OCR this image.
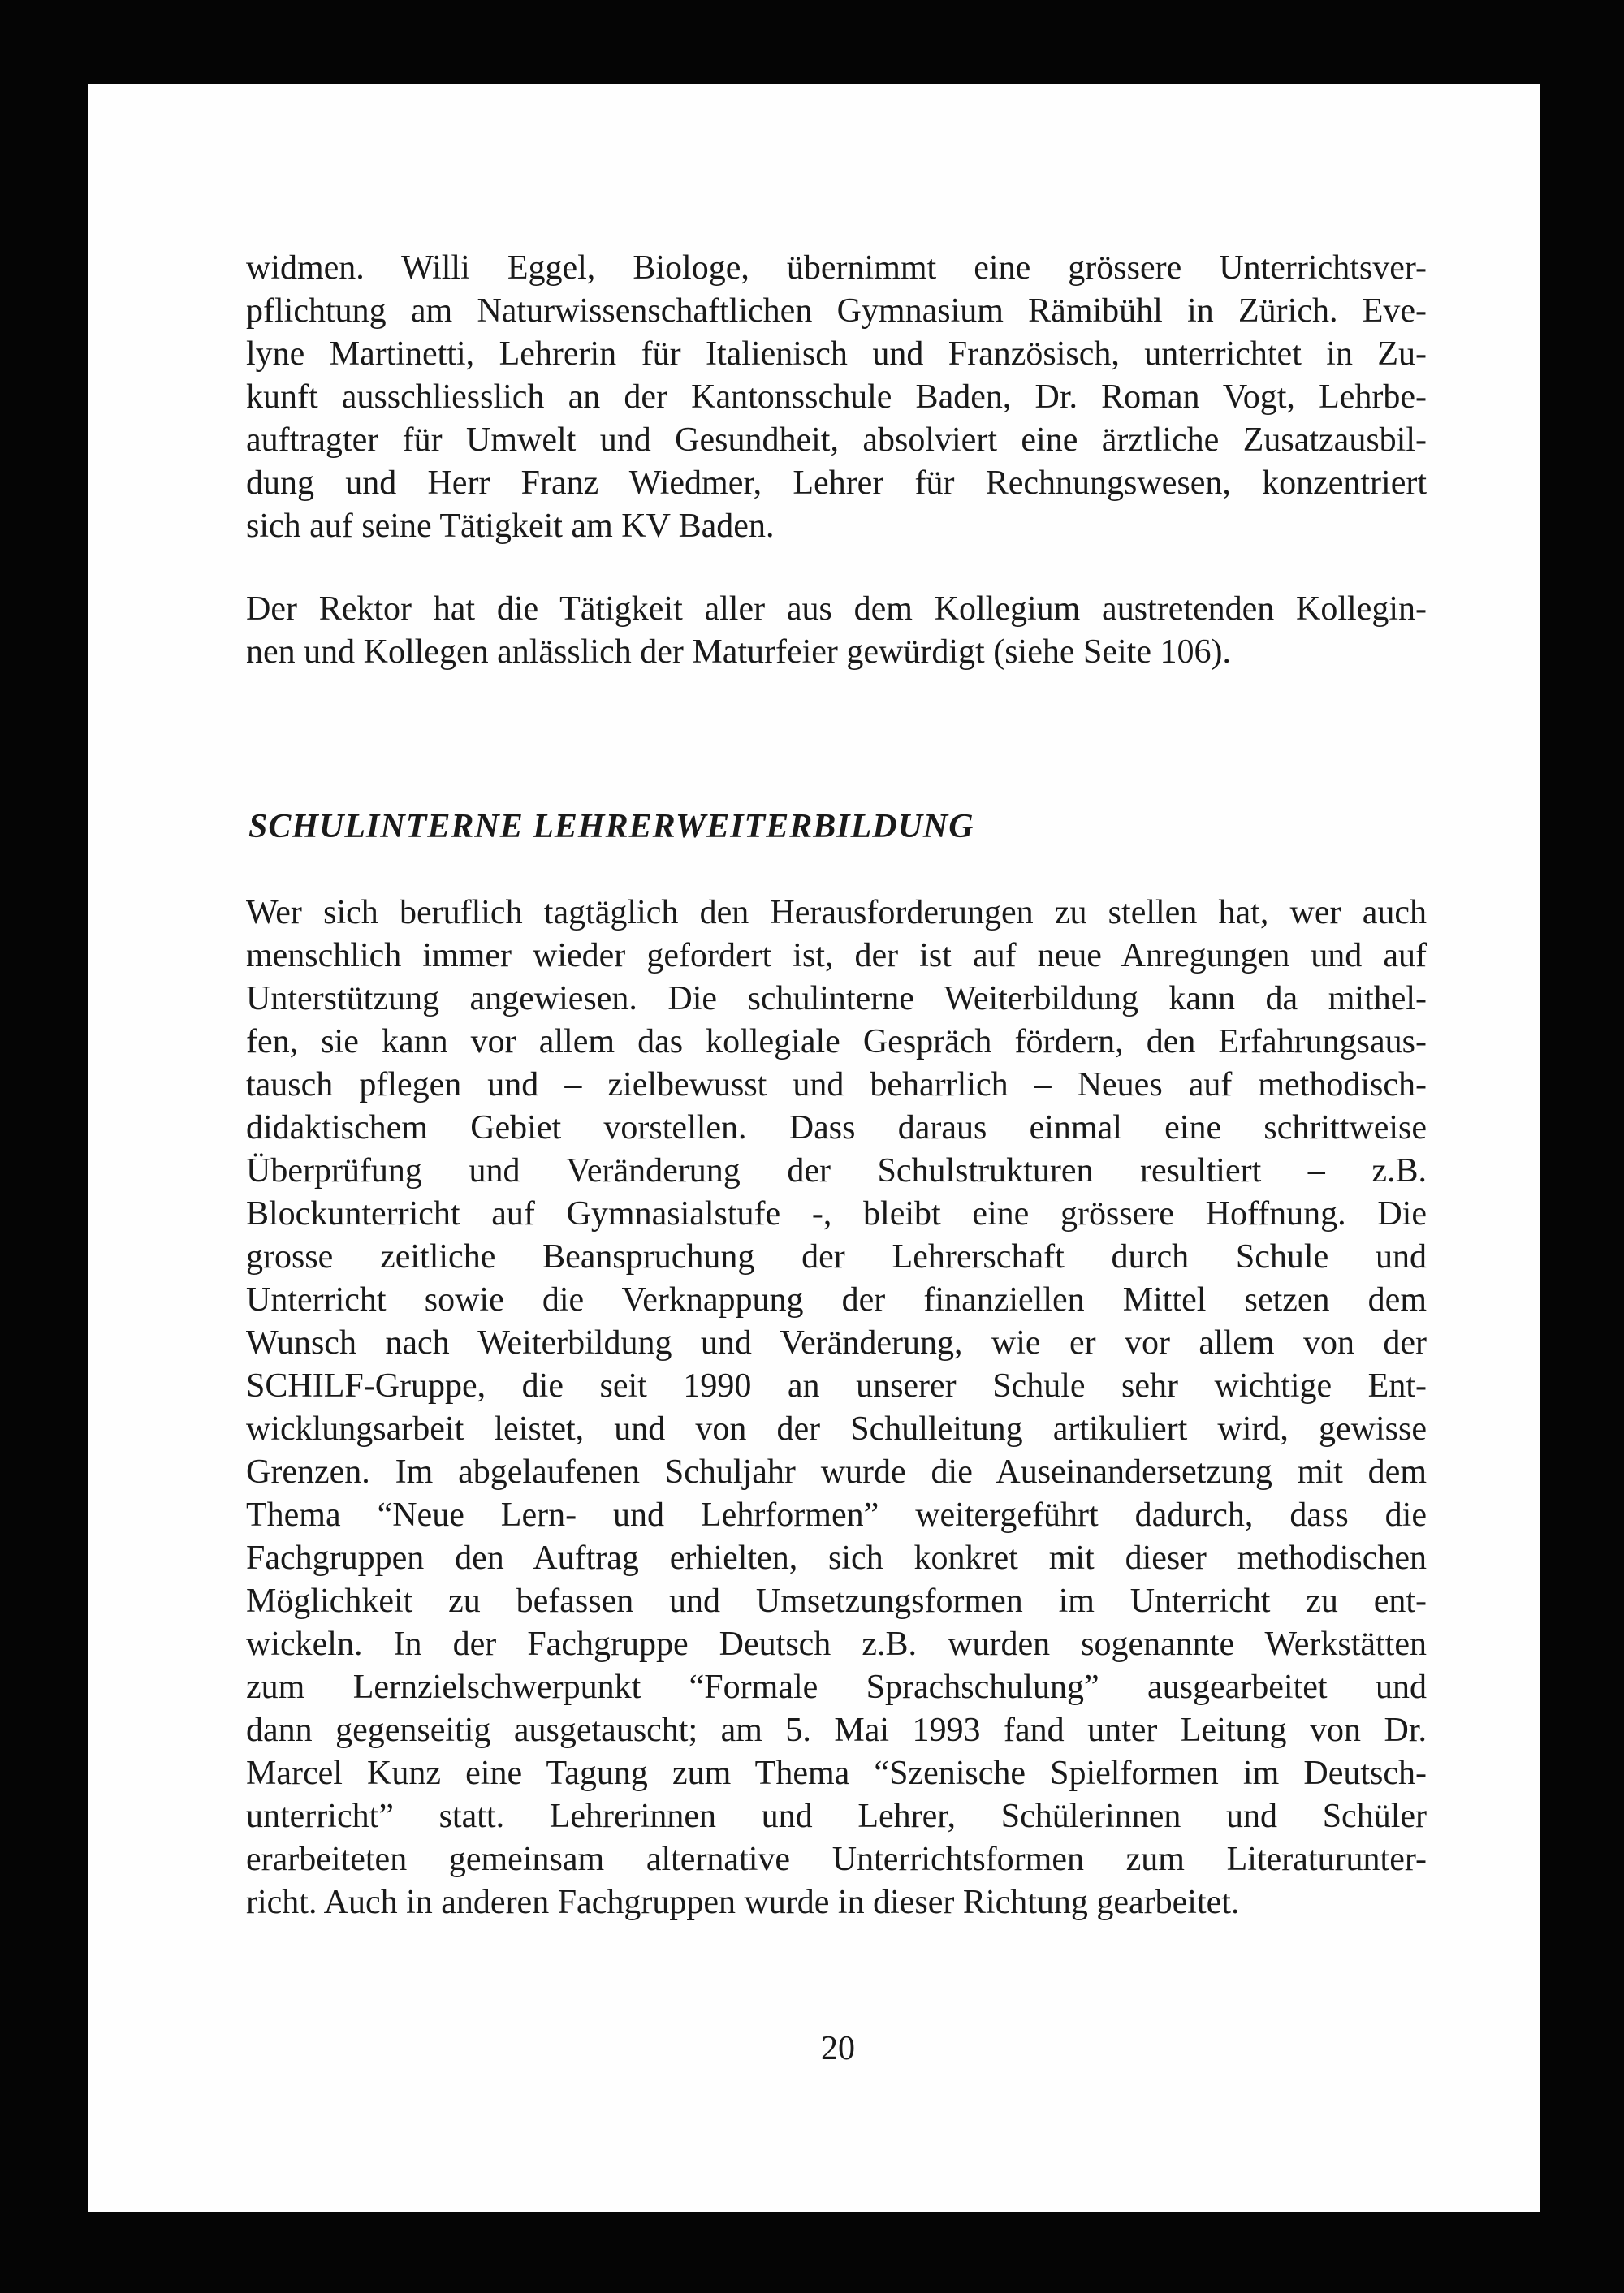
widmen. Willi Eggel, Biologe, übernimmt eine grössere Unterrichtsver-
pflichtung am Naturwissenschaftlichen Gymnasium Rämibühl in Zürich. Eve-
lyne Martinetti, Lehrerin für Italienisch und Französisch, unterrichtet in Zu-
kunft ausschliesslich an der Kantonsschule Baden, Dr. Roman Vogt, Lehrbe-
auftragter für Umwelt und Gesundheit, absolviert eine ärztliche Zusatzausbil-
dung und Herr Franz Wiedmer, Lehrer für Rechnungswesen, konzentriert
sich auf seine Tätigkeit am KV Baden.
Der Rektor hat die Tätigkeit aller aus dem Kollegium austretenden Kollegin-
nen und Kollegen anlässlich der Maturfeier gewürdigt (siehe Seite 106).
SCHULINTERNE LEHRERWEITERBILDUNG
Wer sich beruflich tagtäglich den Herausforderungen zu stellen hat, wer auch
menschlich immer wieder gefordert ist, der ist auf neue Anregungen und auf
Unterstützung angewiesen. Die schulinterne Weiterbildung kann da mithel-
fen, sie kann vor allem das kollegiale Gespräch fördern, den Erfahrungsaus-
tausch pflegen und – zielbewusst und beharrlich – Neues auf methodisch-
didaktischem Gebiet vorstellen. Dass daraus einmal eine schrittweise
Überprüfung und Veränderung der Schulstrukturen resultiert – z.B.
Blockunterricht auf Gymnasialstufe -, bleibt eine grössere Hoffnung. Die
grosse zeitliche Beanspruchung der Lehrerschaft durch Schule und
Unterricht sowie die Verknappung der finanziellen Mittel setzen dem
Wunsch nach Weiterbildung und Veränderung, wie er vor allem von der
SCHILF-Gruppe, die seit 1990 an unserer Schule sehr wichtige Ent-
wicklungsarbeit leistet, und von der Schulleitung artikuliert wird, gewisse
Grenzen. Im abgelaufenen Schuljahr wurde die Auseinandersetzung mit dem
Thema “Neue Lern- und Lehrformen” weitergeführt dadurch, dass die
Fachgruppen den Auftrag erhielten, sich konkret mit dieser methodischen
Möglichkeit zu befassen und Umsetzungsformen im Unterricht zu ent-
wickeln. In der Fachgruppe Deutsch z.B. wurden sogenannte Werkstätten
zum Lernzielschwerpunkt “Formale Sprachschulung” ausgearbeitet und
dann gegenseitig ausgetauscht; am 5. Mai 1993 fand unter Leitung von Dr.
Marcel Kunz eine Tagung zum Thema “Szenische Spielformen im Deutsch-
unterricht” statt. Lehrerinnen und Lehrer, Schülerinnen und Schüler
erarbeiteten gemeinsam alternative Unterrichtsformen zum Literaturunter-
richt. Auch in anderen Fachgruppen wurde in dieser Richtung gearbeitet.
20
